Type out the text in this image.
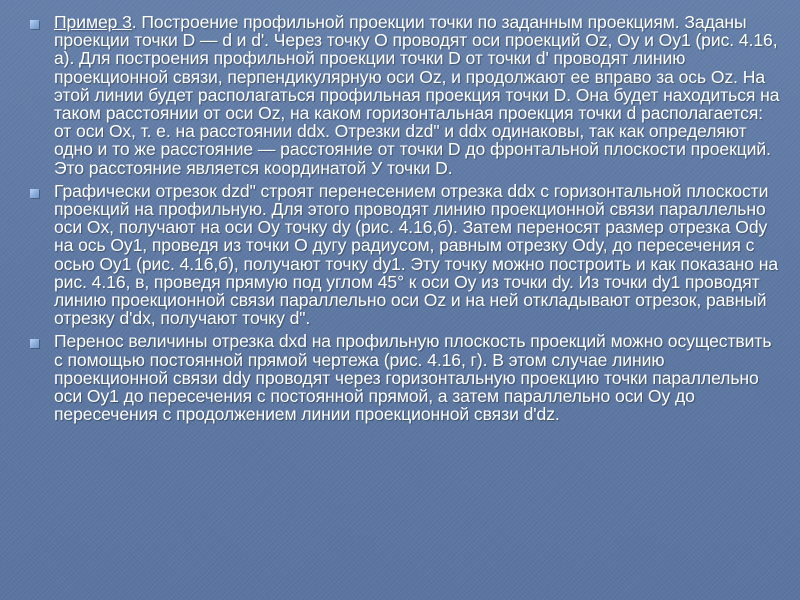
Пример 3. Построение профильной проекции точки по заданным проекциям. Заданы проекции точки D — d и d'. Через точку О проводят оси проекций Oz, Oy и Oy1 (рис. 4.16, а). Для построения профильной проекции точки D от точки d' проводят линию проекционной связи, перпендикулярную оси Oz, и продолжают ее вправо за ось Oz. На этой линии будет располагаться профильная проекция точки D. Она будет находиться на таком расстоянии от оси Oz, на каком горизонтальная проекция точки d располагается: от оси Ох, т. е. на расстоянии ddx. Отрезки dzd" и ddx одинаковы, так как определяют одно и то же расстояние — расстояние от точки D до фронтальной плоскости проекций. Это расстояние является координатой У точки D.
Графически отрезок dzd" строят перенесением отрезка ddx с горизонтальной плоскости проекций на профильную. Для этого проводят линию проекционной связи параллельно оси Ox, получают на оси Oy точку dy (рис. 4.16,б). Затем переносят размер отрезка Ody на ось Oy1, проведя из точки О дугу радиусом, равным отрезку Ody, до пересечения с осью Oy1 (рис. 4.16,б), получают точку dy1. Эту точку можно построить и как показано на рис. 4.16, в, проведя прямую под углом 45° к оси Oy из точки dy. Из точки dy1 проводят линию проекционной связи параллельно оси Oz и на ней откладывают отрезок, равный отрезку d'dx, получают точку d".
Перенос величины отрезка dxd на профильную плоскость проекций можно осуществить с помощью постоянной прямой чертежа (рис. 4.16, г). В этом случае линию проекционной связи ddy проводят через горизонтальную проекцию точки параллельно оси Oy1 до пересечения с постоянной прямой, а затем параллельно оси Oy до пересечения с продолжением линии проекционной связи d'dz.
